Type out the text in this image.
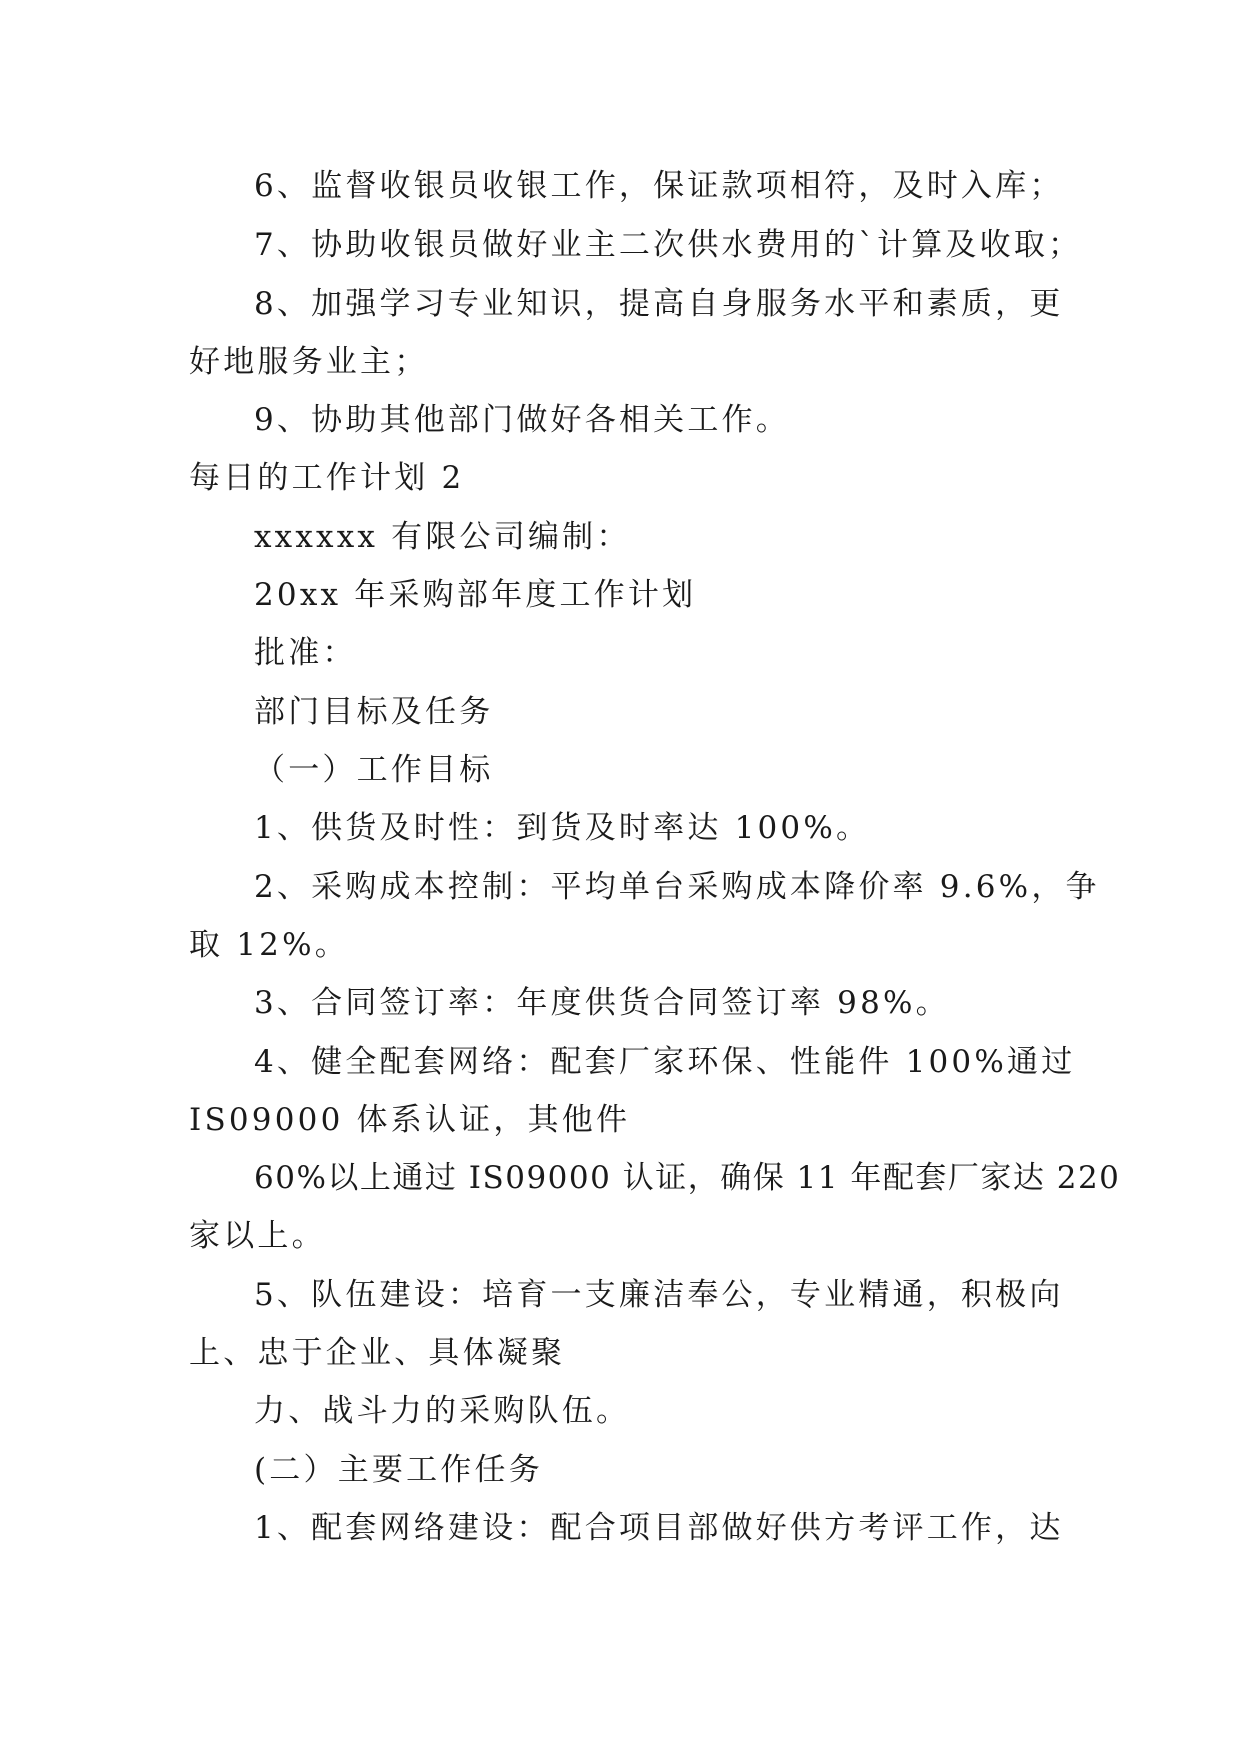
6、监督收银员收银工作，保证款项相符，及时入库；
7、协助收银员做好业主二次供水费用的`计算及收取；
8、加强学习专业知识，提高自身服务水平和素质，更
好地服务业主；
9、协助其他部门做好各相关工作。
每日的工作计划 2
xxxxxx 有限公司编制：
20xx 年采购部年度工作计划
批准：
部门目标及任务
（一）工作目标
1、供货及时性：到货及时率达 100%。
2、采购成本控制：平均单台采购成本降价率 9.6%，争
取 12%。
3、合同签订率：年度供货合同签订率 98%。
4、健全配套网络：配套厂家环保、性能件 100%通过
IS09000 体系认证，其他件
60%以上通过 IS09000 认证，确保 11 年配套厂家达 220
家以上。
5、队伍建设：培育一支廉洁奉公，专业精通，积极向
上、忠于企业、具体凝聚
力、战斗力的采购队伍。
(二）主要工作任务
1、配套网络建设：配合项目部做好供方考评工作，达
